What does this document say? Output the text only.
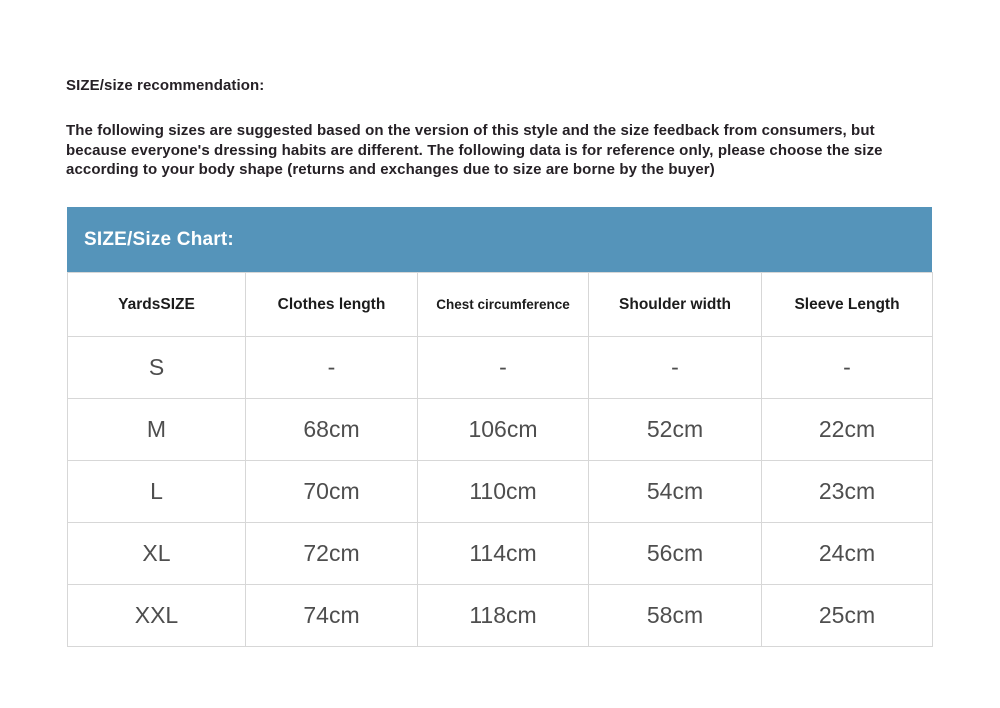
SIZE/size recommendation:

The following sizes are suggested based on the version of this style and the size feedback from consumers, but because everyone's dressing habits are different. The following data is for reference only, please choose the size according to your body shape (returns and exchanges due to size are borne by the buyer)

SIZE/Size Chart:
YardsSIZE	Clothes length	Chest circumference	Shoulder width	Sleeve Length
S	-	-	-	-
M	68cm	106cm	52cm	22cm
L	70cm	110cm	54cm	23cm
XL	72cm	114cm	56cm	24cm
XXL	74cm	118cm	58cm	25cm
